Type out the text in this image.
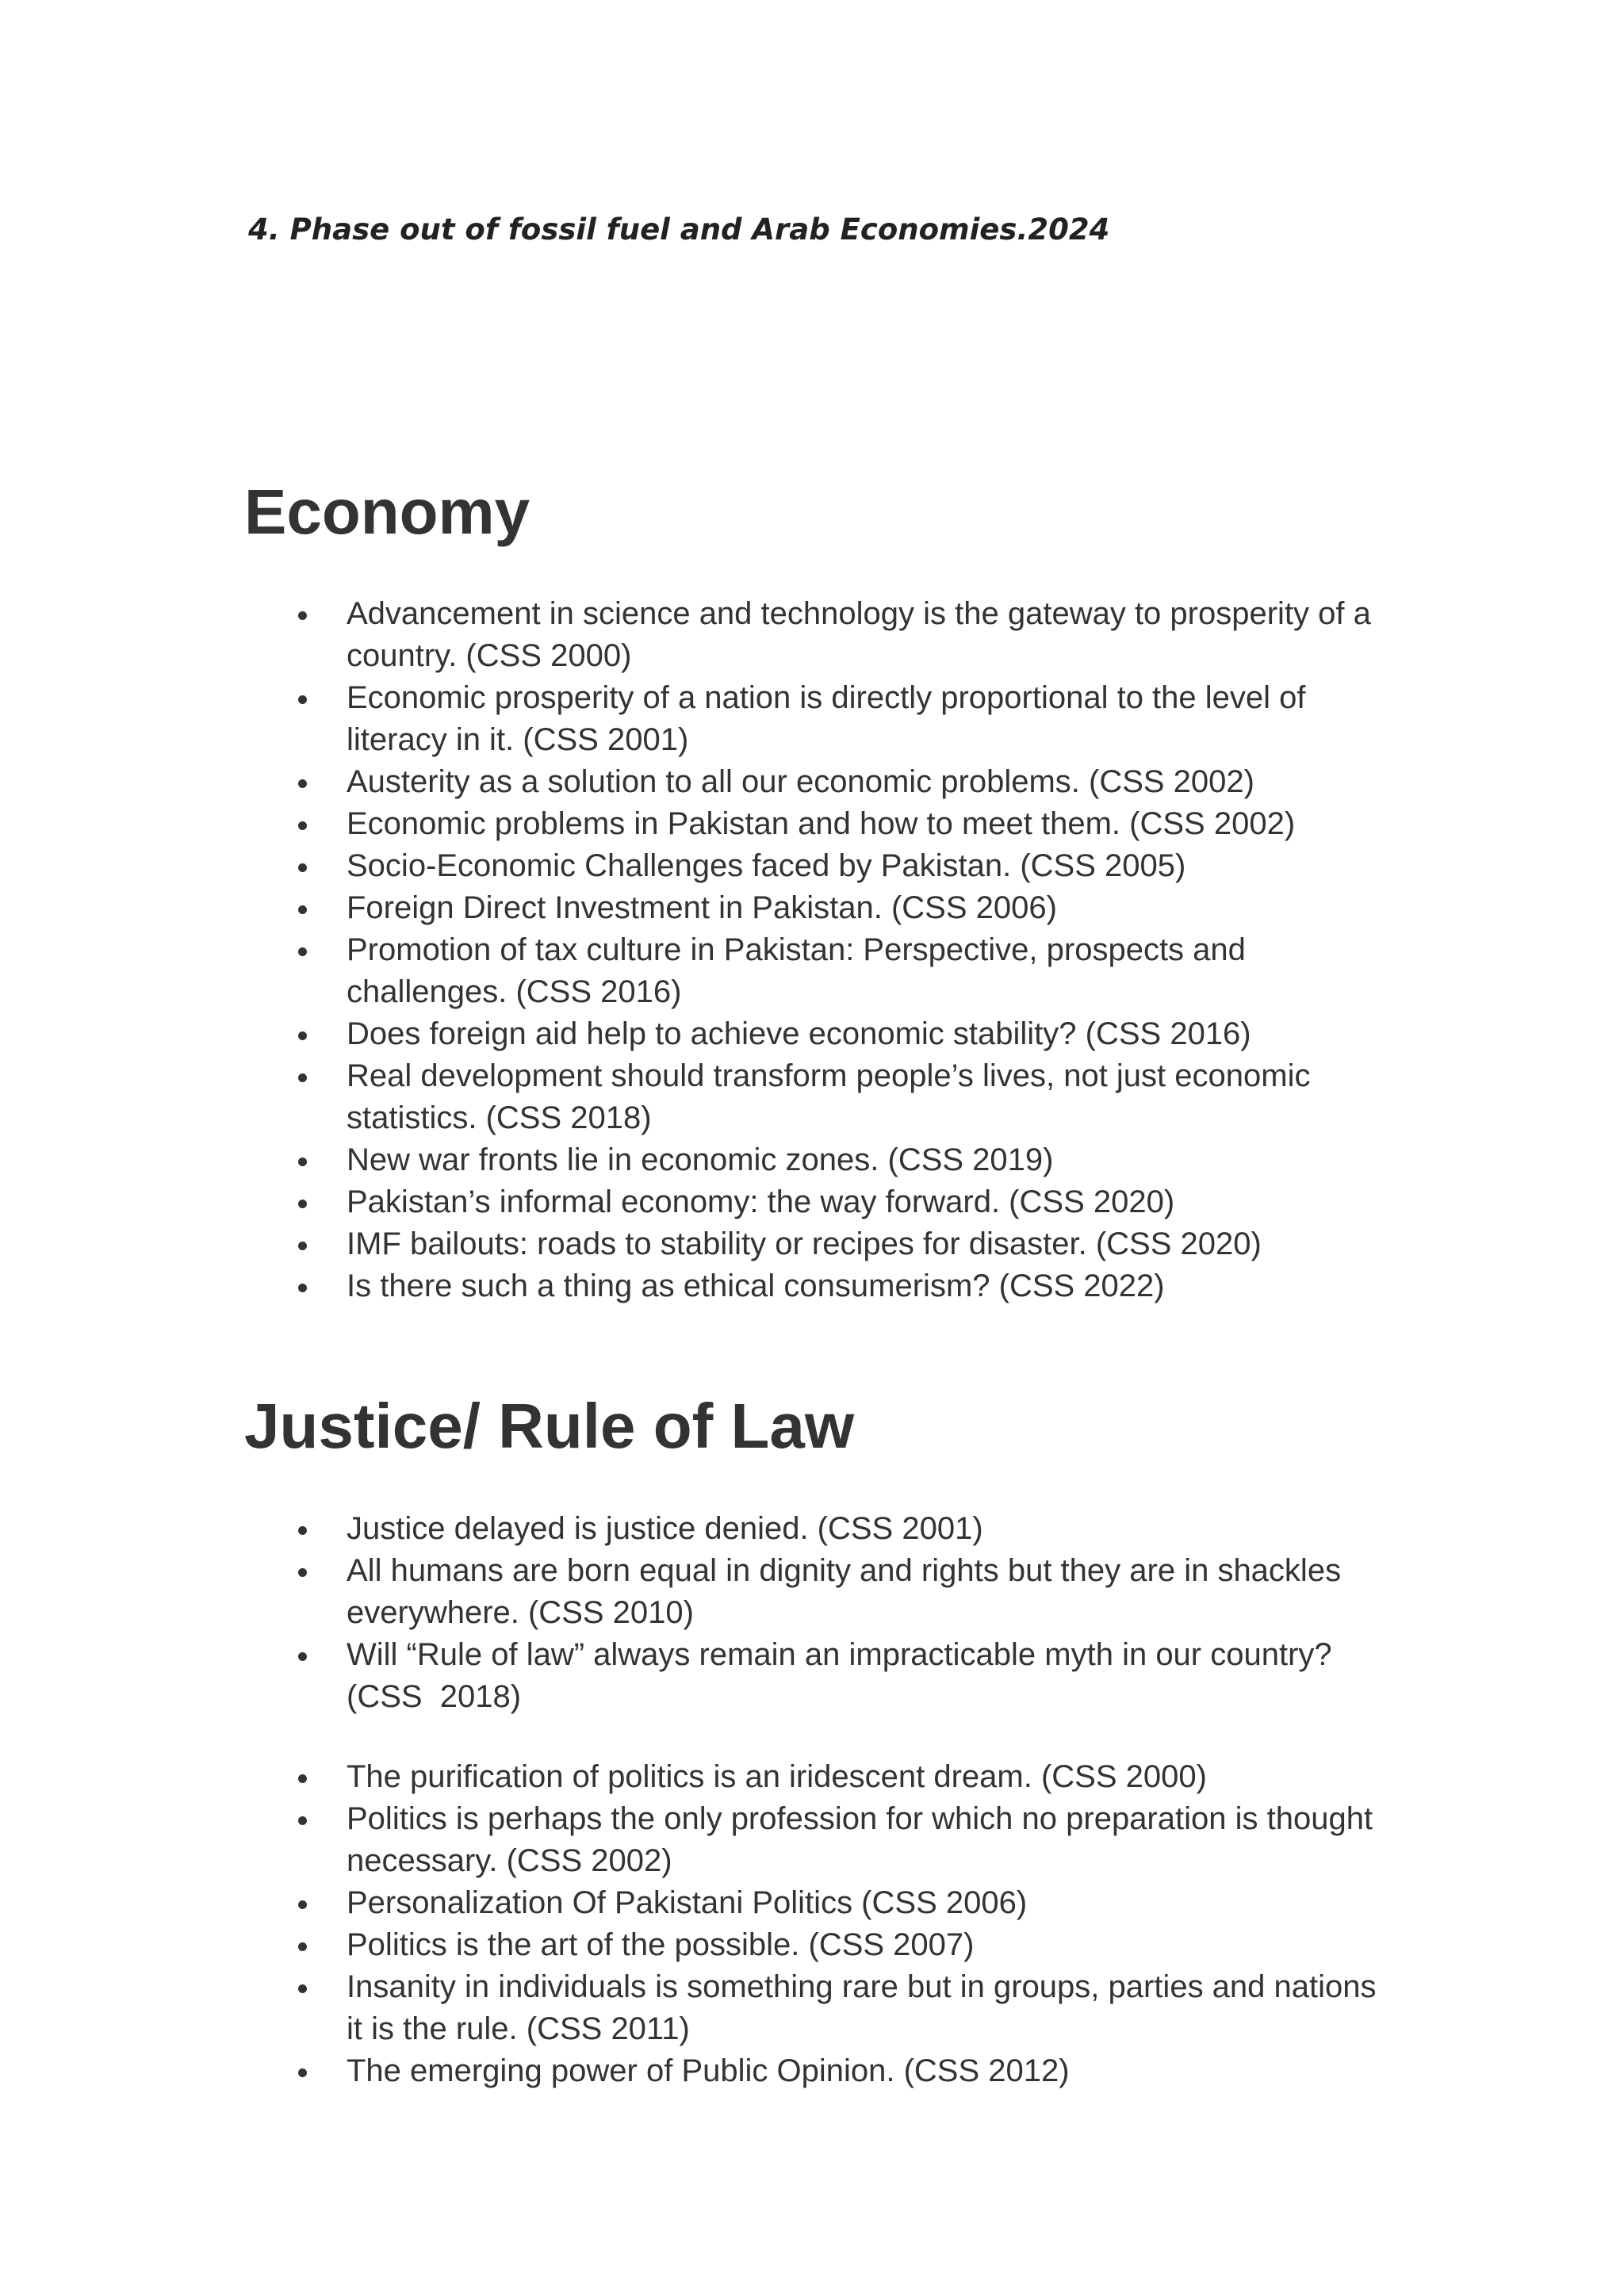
4. Phase out of fossil fuel and Arab Economies.2024
Economy
Advancement in science and technology is the gateway to prosperity of a
country. (CSS 2000)
Economic prosperity of a nation is directly proportional to the level of
literacy in it. (CSS 2001)
Austerity as a solution to all our economic problems. (CSS 2002)
Economic problems in Pakistan and how to meet them. (CSS 2002)
Socio-Economic Challenges faced by Pakistan. (CSS 2005)
Foreign Direct Investment in Pakistan. (CSS 2006)
Promotion of tax culture in Pakistan: Perspective, prospects and
challenges. (CSS 2016)
Does foreign aid help to achieve economic stability? (CSS 2016)
Real development should transform people’s lives, not just economic
statistics. (CSS 2018)
New war fronts lie in economic zones. (CSS 2019)
Pakistan’s informal economy: the way forward. (CSS 2020)
IMF bailouts: roads to stability or recipes for disaster. (CSS 2020)
Is there such a thing as ethical consumerism? (CSS 2022)
Justice/ Rule of Law
Justice delayed is justice denied. (CSS 2001)
All humans are born equal in dignity and rights but they are in shackles
everywhere. (CSS 2010)
Will “Rule of law” always remain an impracticable myth in our country?
(CSS  2018)
The purification of politics is an iridescent dream. (CSS 2000)
Politics is perhaps the only profession for which no preparation is thought
necessary. (CSS 2002)
Personalization Of Pakistani Politics (CSS 2006)
Politics is the art of the possible. (CSS 2007)
Insanity in individuals is something rare but in groups, parties and nations
it is the rule. (CSS 2011)
The emerging power of Public Opinion. (CSS 2012)
